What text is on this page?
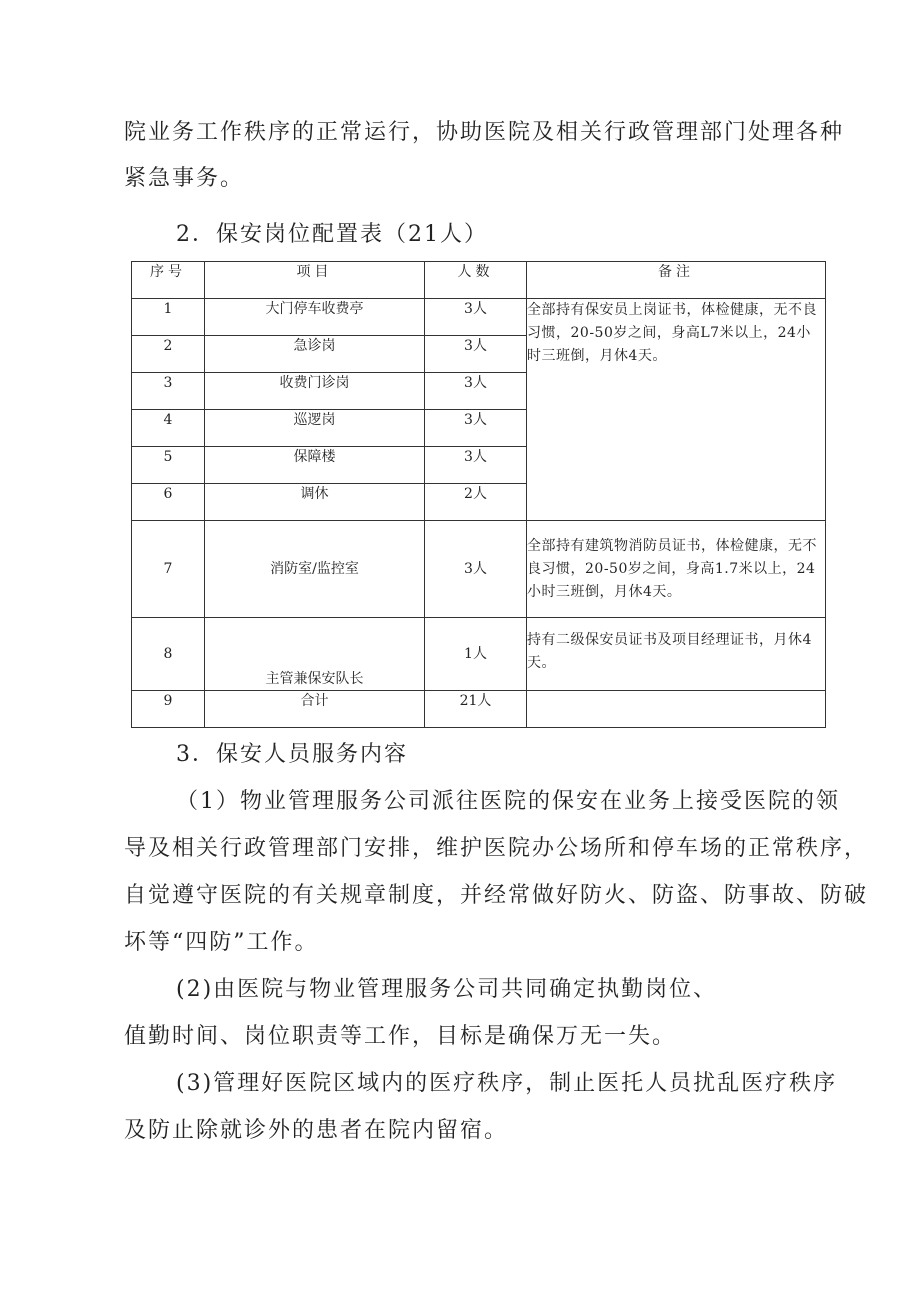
院业务工作秩序的正常运行，协助医院及相关行政管理部门处理各种

紧急事务。

2．保安岗位配置表（21人）

序号	项目	人数	备注
1	大门停车收费亭	3人	全部持有保安员上岗证书，体检健康，无不良习惯，20-50岁之间，身高L7米以上，24小时三班倒，月休4天。
2	急诊岗	3人	
3	收费门诊岗	3人	
4	巡逻岗	3人	
5	保障楼	3人	
6	调休	2人	
7	消防室/监控室	3人	全部持有建筑物消防员证书，体检健康，无不良习惯，20-50岁之间，身高1.7米以上，24小时三班倒，月休4天。
8	主管兼保安队长	1人	持有二级保安员证书及项目经理证书，月休4天。
9	合计	21人	

3．保安人员服务内容

（1）物业管理服务公司派往医院的保安在业务上接受医院的领

导及相关行政管理部门安排，维护医院办公场所和停车场的正常秩序，

自觉遵守医院的有关规章制度，并经常做好防火、防盗、防事故、防破

坏等“四防”工作。

(2)由医院与物业管理服务公司共同确定执勤岗位、

值勤时间、岗位职责等工作，目标是确保万无一失。

(3)管理好医院区域内的医疗秩序，制止医托人员扰乱医疗秩序

及防止除就诊外的患者在院内留宿。
